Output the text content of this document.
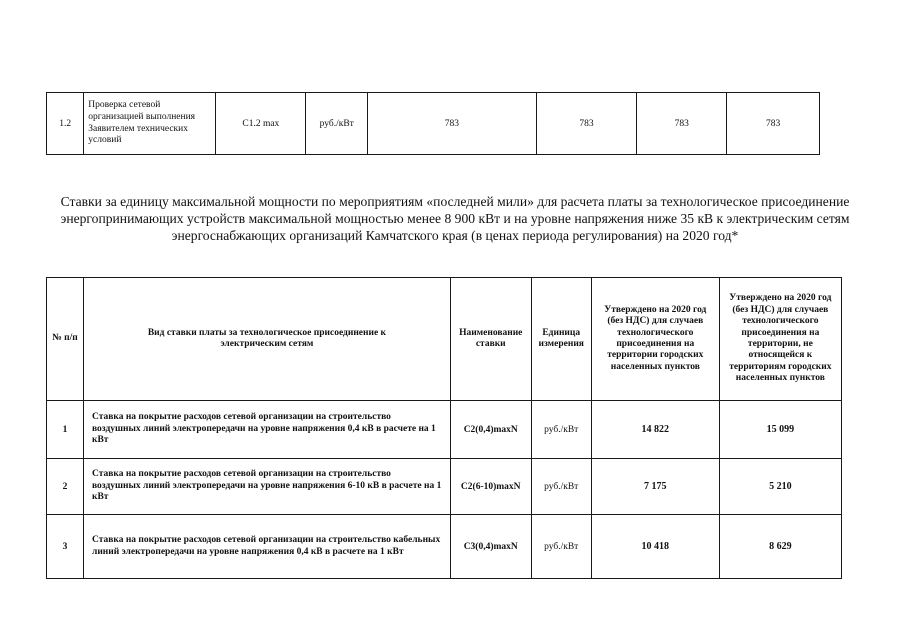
1.2	Проверка сетевой организацией выполнения Заявителем технических условий	C1.2 max	руб./кВт	783	783	783	783
Ставки за единицу максимальной мощности по мероприятиям «последней мили» для расчета платы за технологическое присоединение энергопринимающих устройств максимальной мощностью менее 8 900 кВт и на уровне напряжения ниже 35 кВ к электрическим сетям энергоснабжающих организаций Камчатского края (в ценах периода регулирования) на 2020 год*
№ п/п	Вид ставки платы за технологическое присоединение к электрическим сетям	Наименование ставки	Единица измерения	Утверждено на 2020 год (без НДС) для случаев технологического присоединения на территории городских населенных пунктов	Утверждено на 2020 год (без НДС) для случаев технологического присоединения на территории, не относящейся к территориям городских населенных пунктов
1	Ставка на покрытие расходов сетевой организации на строительство воздушных линий электропередачи на уровне напряжения 0,4 кВ в расчете на 1 кВт	C2(0,4)maxN	руб./кВт	14 822	15 099
2	Ставка на покрытие расходов сетевой организации на строительство воздушных линий электропередачи на уровне напряжения 6-10 кВ в расчете на 1 кВт	C2(6-10)maxN	руб./кВт	7 175	5 210
3	Ставка на покрытие расходов сетевой организации на строительство кабельных линий электропередачи на уровне напряжения 0,4 кВ в расчете на 1 кВт	C3(0,4)maxN	руб./кВт	10 418	8 629
